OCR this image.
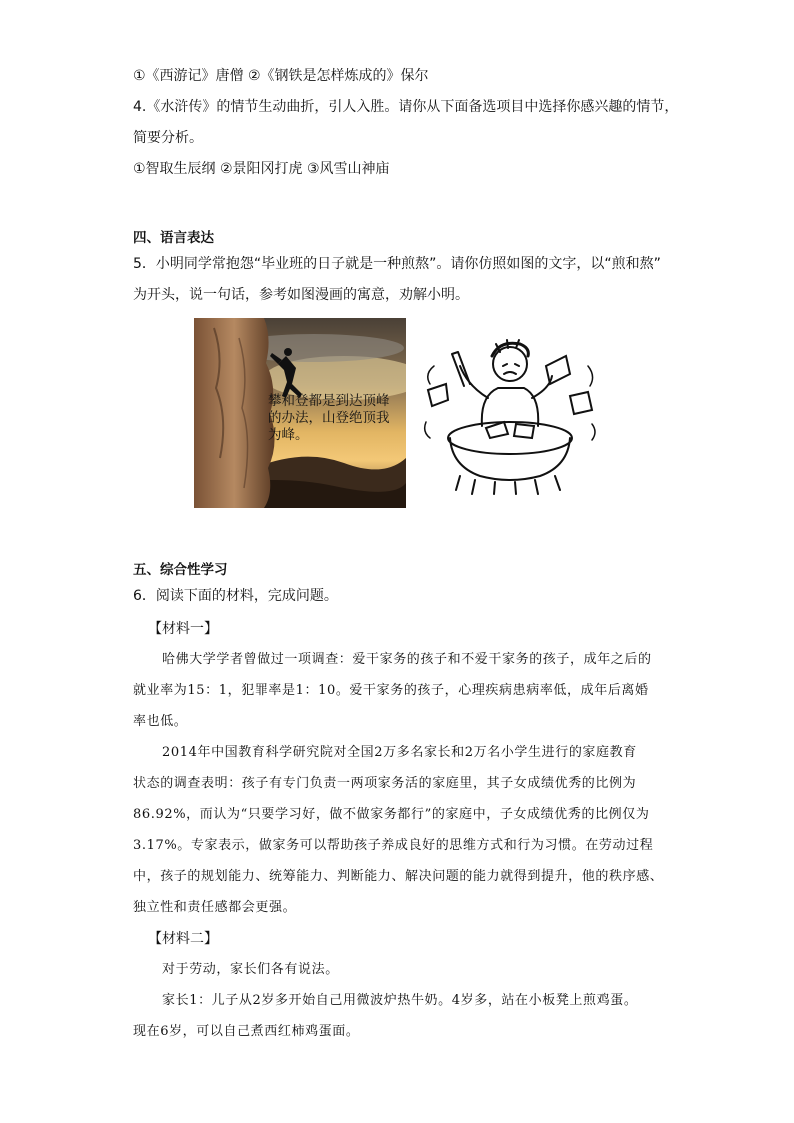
①《西游记》唐僧 ②《钢铁是怎样炼成的》保尔
4.《水浒传》的情节生动曲折，引人入胜。请你从下面备选项目中选择你感兴趣的情节，
简要分析。
①智取生辰纲 ②景阳冈打虎 ③风雪山神庙
四、语言表达
5．小明同学常抱怨“毕业班的日子就是一种煎熬”。请你仿照如图的文字，以“煎和熬”
为开头，说一句话，参考如图漫画的寓意，劝解小明。
攀和登都是到达顶峰的办法，山登绝顶我为峰。
五、综合性学习
6．阅读下面的材料，完成问题。
【材料一】
哈佛大学学者曾做过一项调查：爱干家务的孩子和不爱干家务的孩子，成年之后的
就业率为15：1，犯罪率是1：10。爱干家务的孩子，心理疾病患病率低，成年后离婚
率也低。
2014年中国教育科学研究院对全国2万多名家长和2万名小学生进行的家庭教育
状态的调查表明：孩子有专门负责一两项家务活的家庭里，其子女成绩优秀的比例为
86.92%，而认为“只要学习好，做不做家务都行”的家庭中，子女成绩优秀的比例仅为
3.17%。专家表示，做家务可以帮助孩子养成良好的思维方式和行为习惯。在劳动过程
中，孩子的规划能力、统筹能力、判断能力、解决问题的能力就得到提升，他的秩序感、
独立性和责任感都会更强。
【材料二】
对于劳动，家长们各有说法。
家长1：儿子从2岁多开始自己用微波炉热牛奶。4岁多，站在小板凳上煎鸡蛋。
现在6岁，可以自己煮西红柿鸡蛋面。
